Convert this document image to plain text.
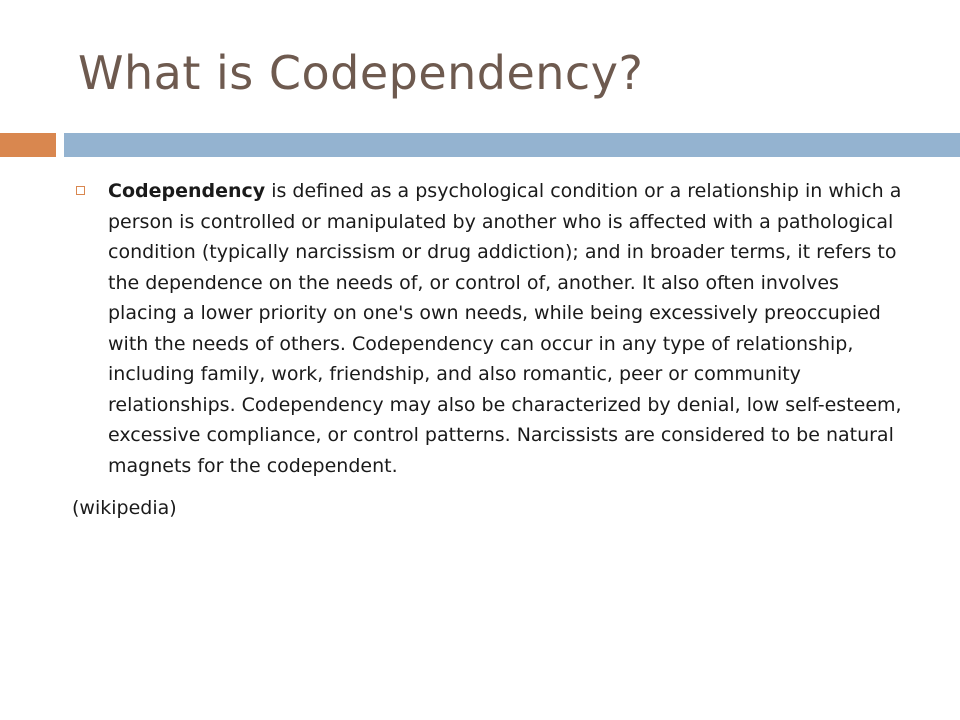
What is Codependency?

Codependency is defined as a psychological condition or a relationship in which a person is controlled or manipulated by another who is affected with a pathological condition (typically narcissism or drug addiction); and in broader terms, it refers to the dependence on the needs of, or control of, another. It also often involves placing a lower priority on one's own needs, while being excessively preoccupied with the needs of others. Codependency can occur in any type of relationship, including family, work, friendship, and also romantic, peer or community relationships. Codependency may also be characterized by denial, low self-esteem, excessive compliance, or control patterns. Narcissists are considered to be natural magnets for the codependent.

(wikipedia)
